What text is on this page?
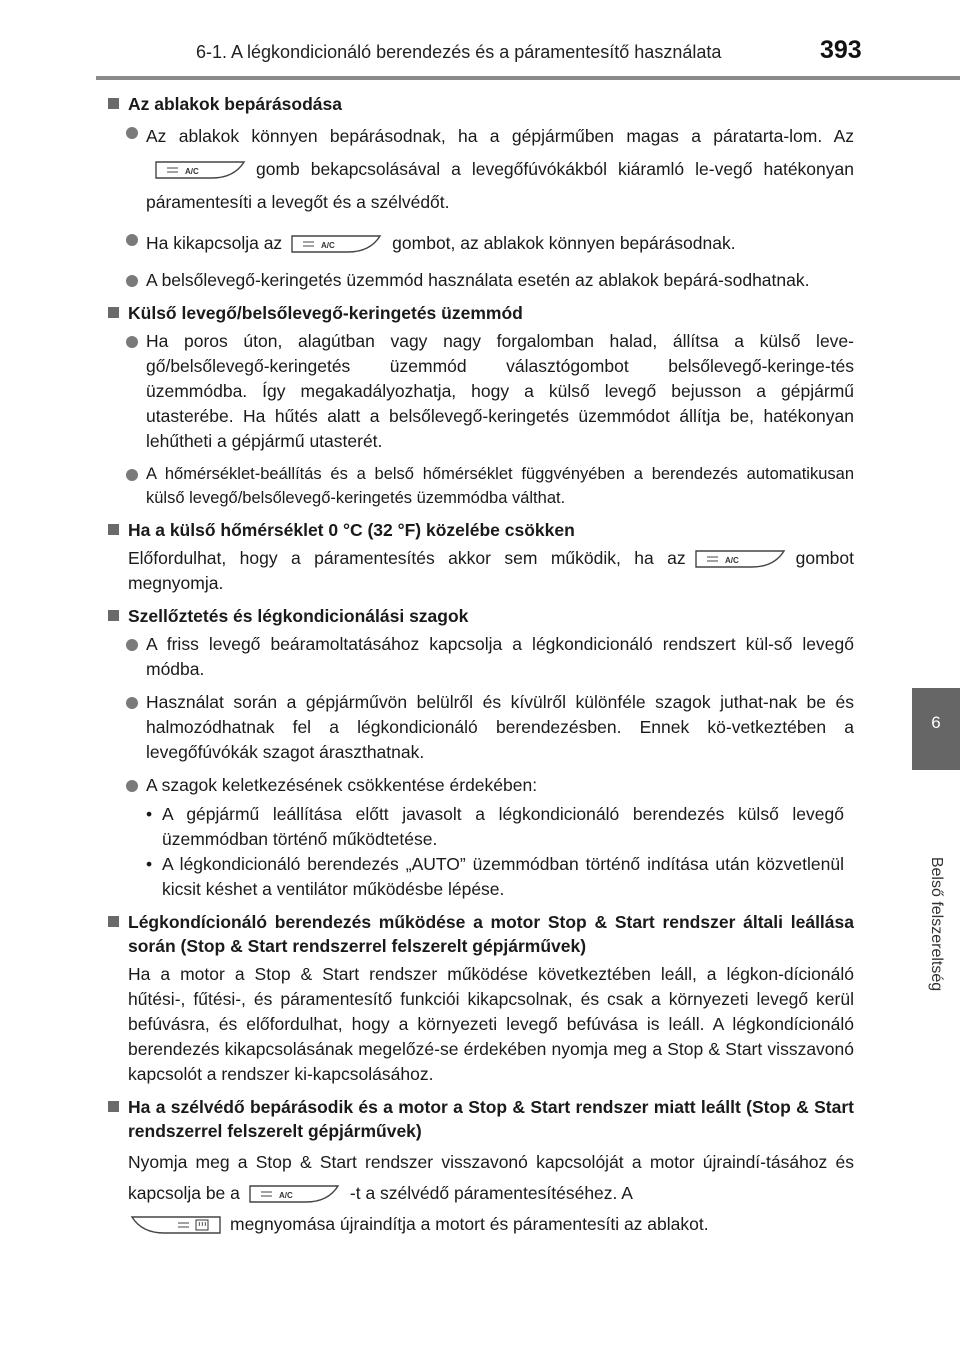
6-1. A légkondicionáló berendezés és a páramentesítő használata	393
6
Belső felszereltség
Az ablakok bepárásodása
Az ablakok könnyen bepárásodnak, ha a gépjárműben magas a páratarta-lom. Az
A/C	gomb bekapcsolásával a levegőfúvókákból kiáramló le-vegő hatékonyan páramentesíti a levegőt és a szélvédőt.
Ha kikapcsolja az	A/C	gombot, az ablakok könnyen bepárásodnak.
A belsőlevegő-keringetés üzemmód használata esetén az ablakok bepárá-sodhatnak.
Külső levegő/belsőlevegő-keringetés üzemmód
Ha poros úton, alagútban vagy nagy forgalomban halad, állítsa a külső leve-gő/belsőlevegő-keringetés üzemmód választógombot belsőlevegő-keringe-tés üzemmódba. Így megakadályozhatja, hogy a külső levegő bejusson a gépjármű utasterébe. Ha hűtés alatt a belsőlevegő-keringetés üzemmódot állítja be, hatékonyan lehűtheti a gépjármű utasterét.
A hőmérséklet-beállítás és a belső hőmérséklet függvényében a berendezés automatikusan külső levegő/belsőlevegő-keringetés üzemmódba válthat.
Ha a külső hőmérséklet 0 °C (32 °F) közelébe csökken
Előfordulhat, hogy a páramentesítés akkor sem működik, ha az	A/C	gombot megnyomja.
Szellőztetés és légkondicionálási szagok
A friss levegő beáramoltatásához kapcsolja a légkondicionáló rendszert kül-ső levegő módba.
Használat során a gépjárművön belülről és kívülről különféle szagok juthat-nak be és halmozódhatnak fel a légkondicionáló berendezésben. Ennek kö-vetkeztében a levegőfúvókák szagot áraszthatnak.
A szagok keletkezésének csökkentése érdekében:
• A gépjármű leállítása előtt javasolt a légkondicionáló berendezés külső levegő üzemmódban történő működtetése.
• A légkondicionáló berendezés „AUTO” üzemmódban történő indítása után közvetlenül kicsit késhet a ventilátor működésbe lépése.
Légkondícionáló berendezés működése a motor Stop & Start rendszer általi leállása során (Stop & Start rendszerrel felszerelt gépjárművek)
Ha a motor a Stop & Start rendszer működése következtében leáll, a légkon-dícionáló hűtési-, fűtési-, és páramentesítő funkciói kikapcsolnak, és csak a környezeti levegő kerül befúvásra, és előfordulhat, hogy a környezeti levegő befúvása is leáll. A légkondícionáló berendezés kikapcsolásának megelőzé-se érdekében nyomja meg a Stop & Start visszavonó kapcsolót a rendszer ki-kapcsolásához.
Ha a szélvédő bepárásodik és a motor a Stop & Start rendszer miatt leállt (Stop & Start rendszerrel felszerelt gépjárművek)
Nyomja meg a Stop & Start rendszer visszavonó kapcsolóját a motor újraindí-tásához és kapcsolja be a	A/C	-t a szélvédő páramentesítéséhez. A

megnyomása újraindítja a motort és páramentesíti az ablakot.
